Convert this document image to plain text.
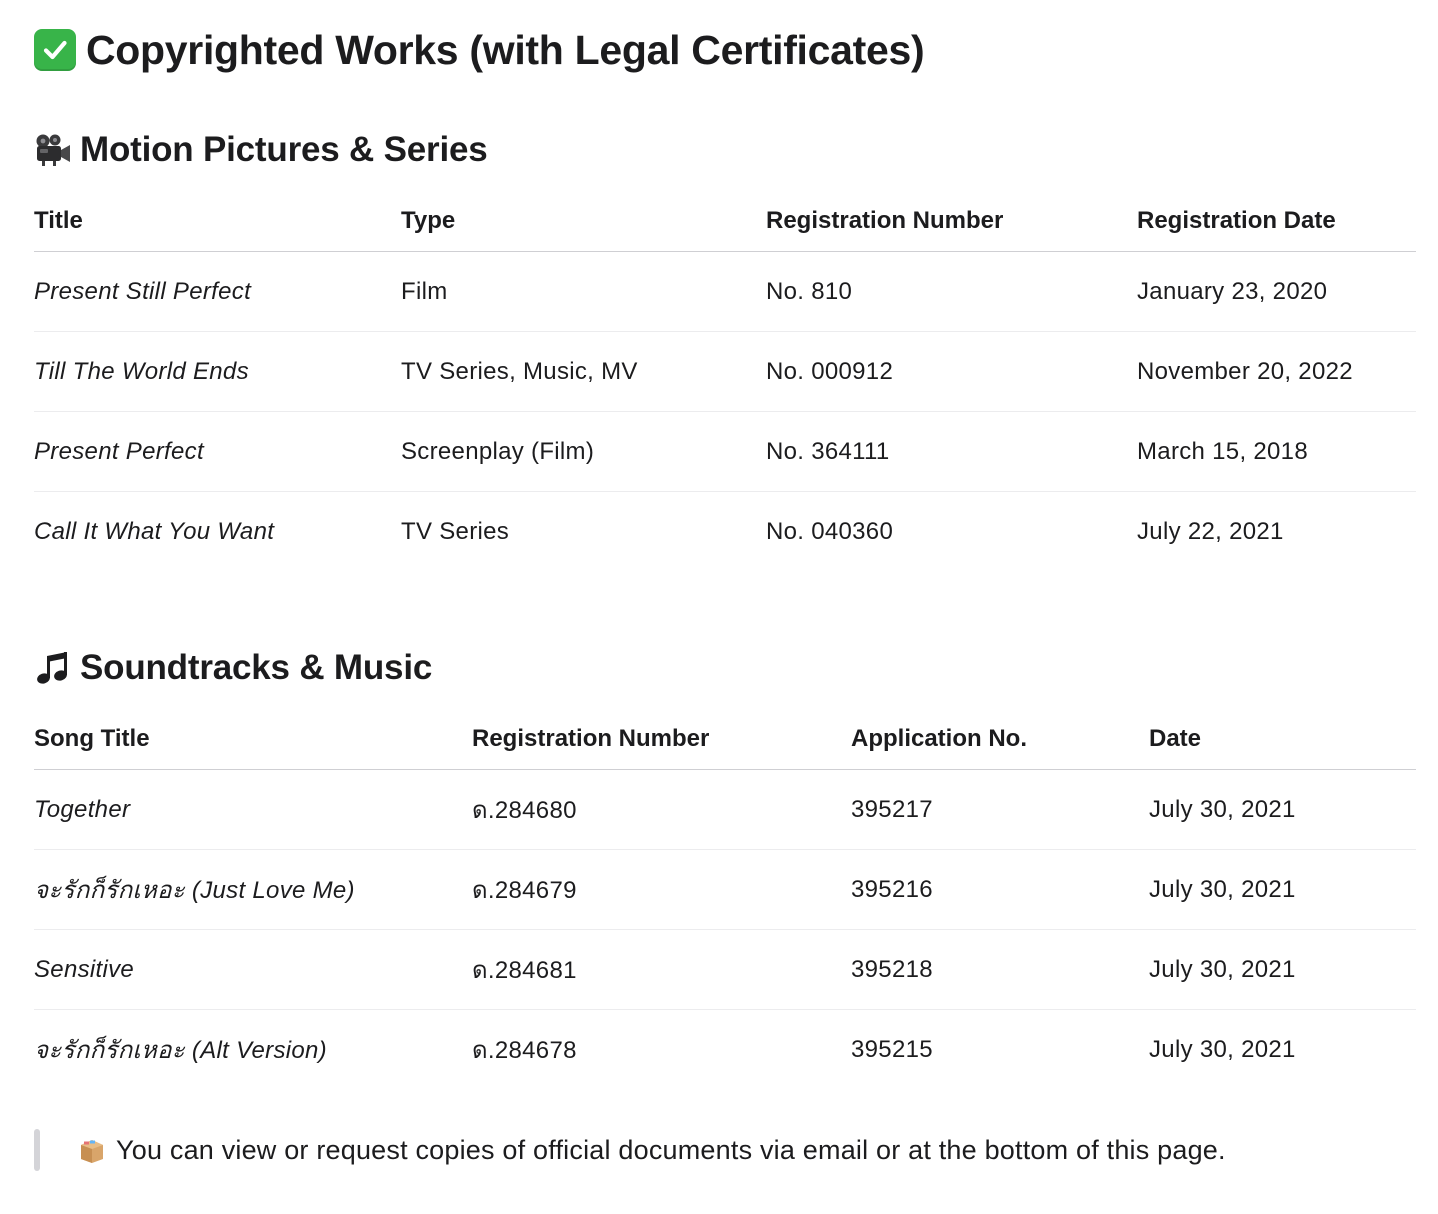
Copyrighted Works (with Legal Certificates)
Motion Pictures & Series
Title	Type	Registration Number	Registration Date
Present Still Perfect	Film	No. 810	January 23, 2020
Till The World Ends	TV Series, Music, MV	No. 000912	November 20, 2022
Present Perfect	Screenplay (Film)	No. 364111	March 15, 2018
Call It What You Want	TV Series	No. 040360	July 22, 2021
Soundtracks & Music
Song Title	Registration Number	Application No.	Date
Together	ด.284680	395217	July 30, 2021
จะรักก็รักเหอะ (Just Love Me)	ด.284679	395216	July 30, 2021
Sensitive	ด.284681	395218	July 30, 2021
จะรักก็รักเหอะ (Alt Version)	ด.284678	395215	July 30, 2021
You can view or request copies of official documents via email or at the bottom of this page.
